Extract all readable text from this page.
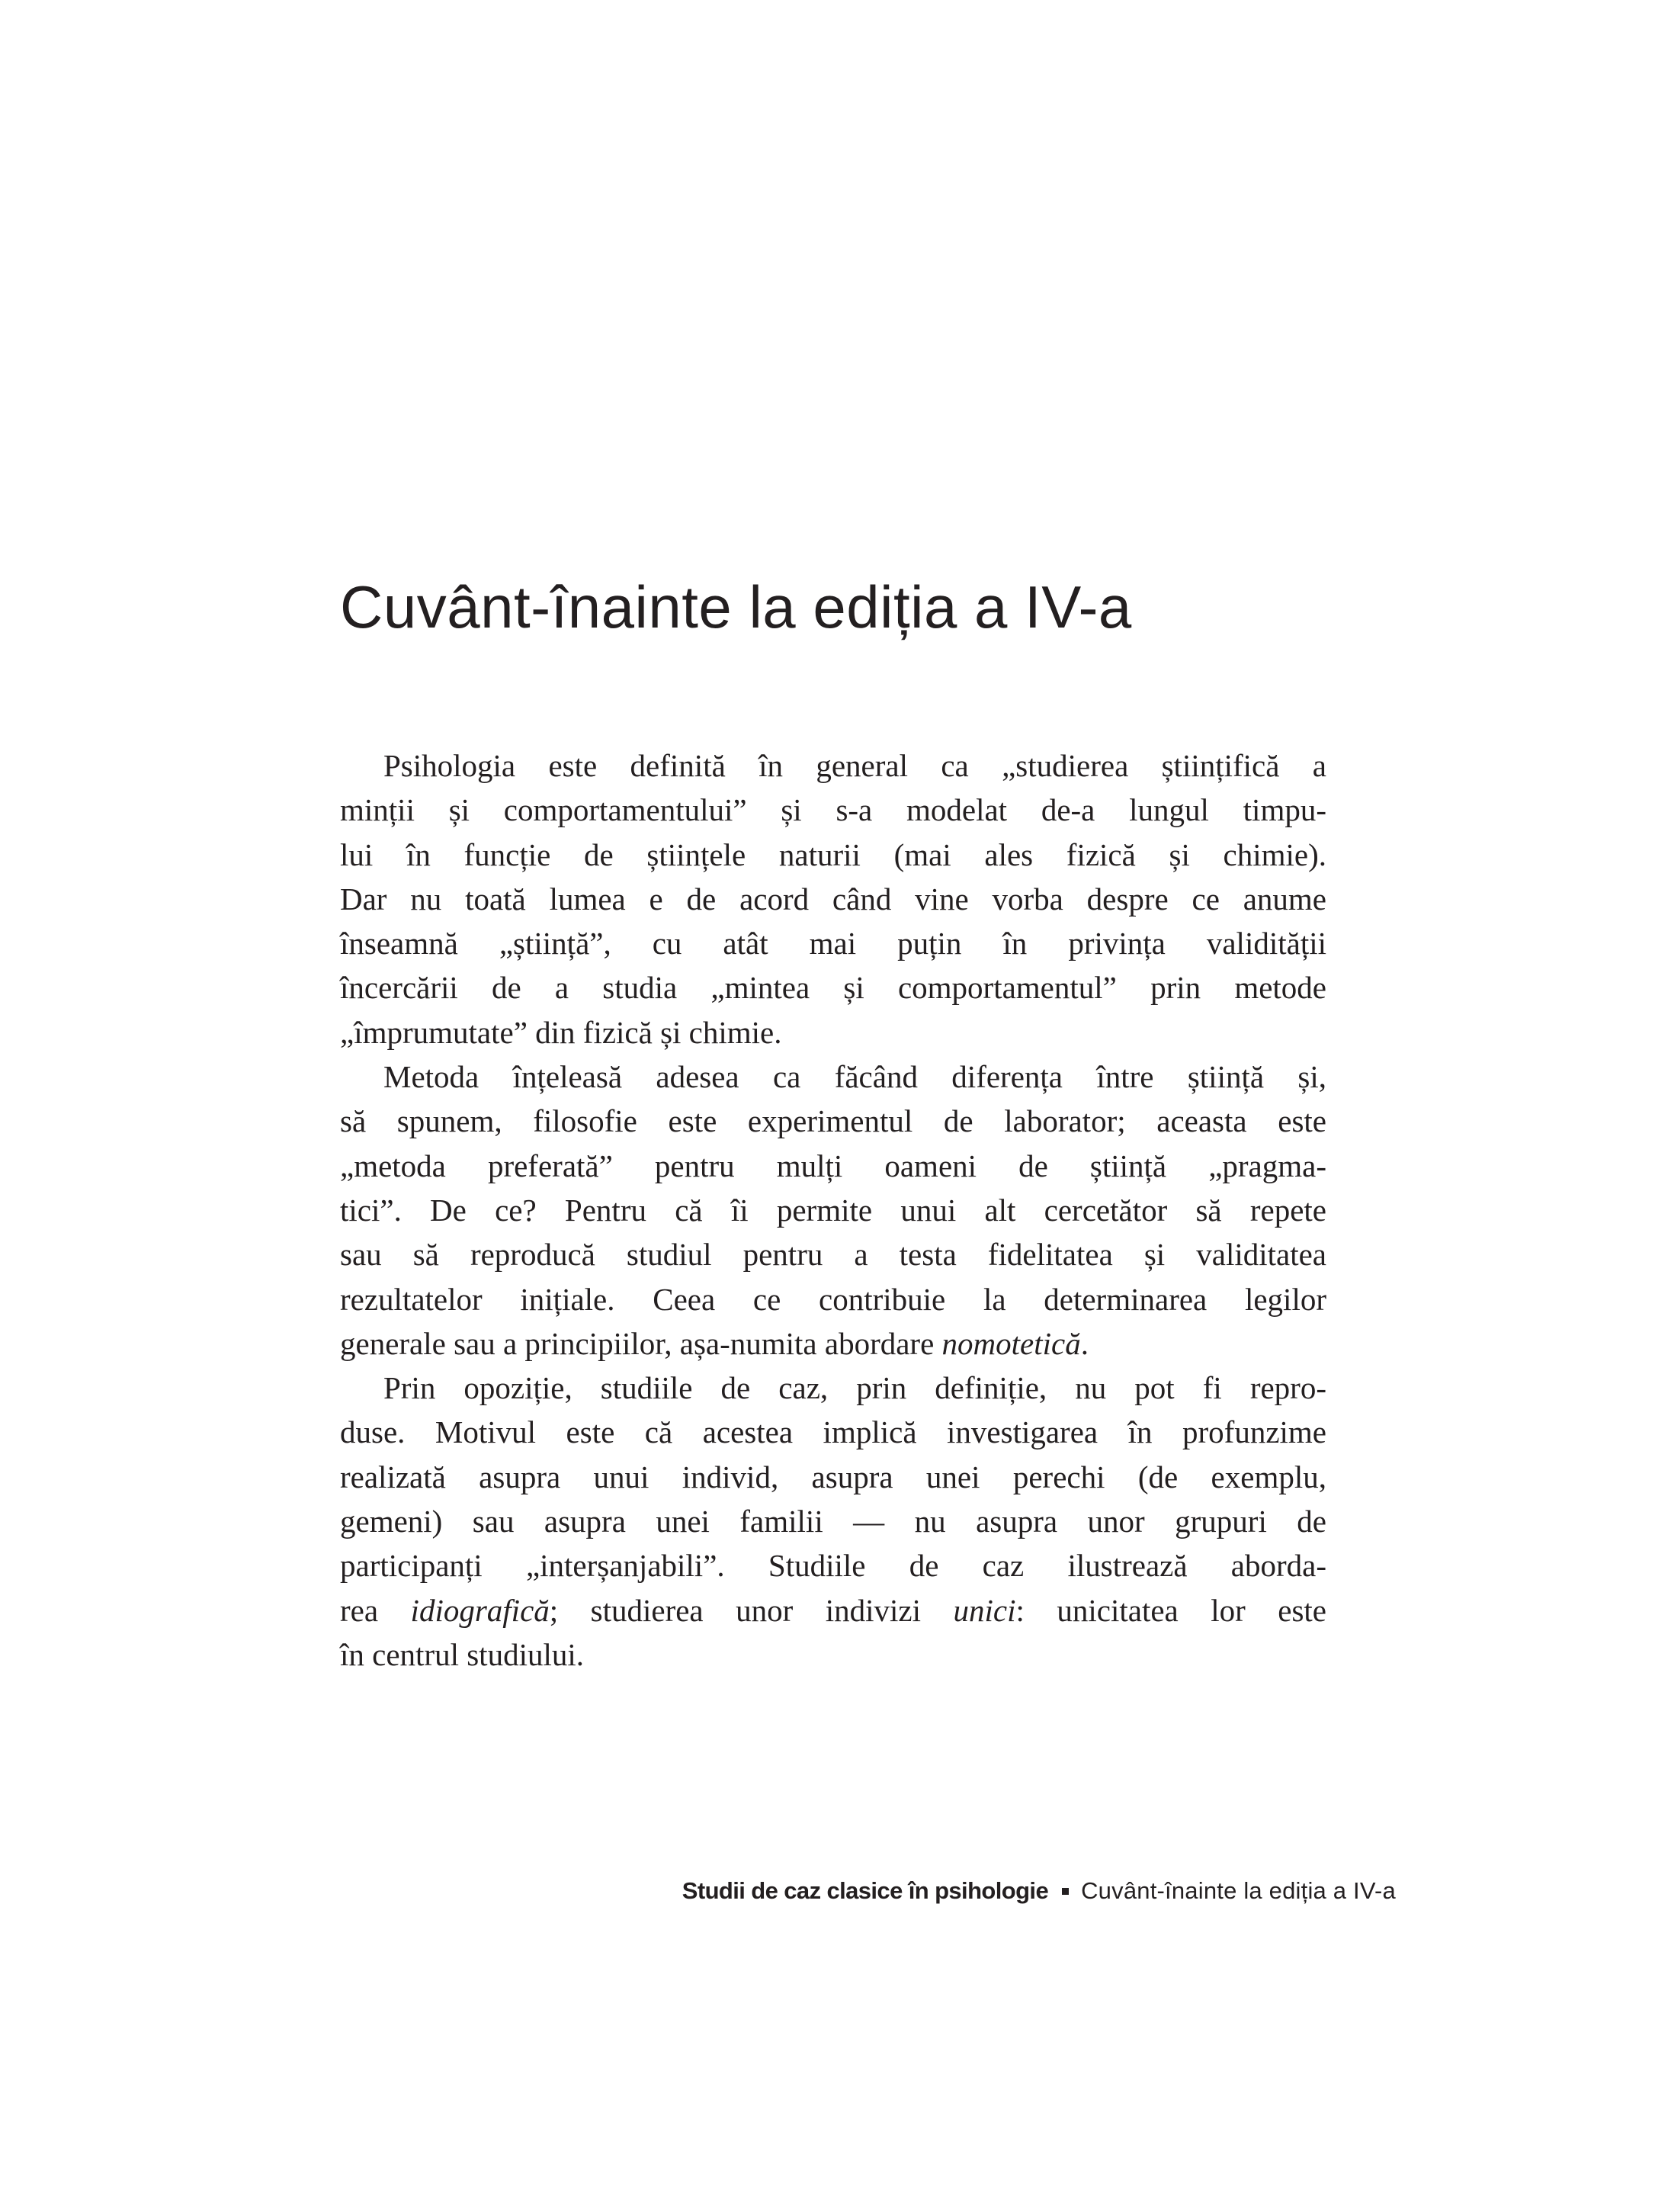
Cuvânt-înainte la ediția a IV-a
Psihologia este definită în general ca „studierea științifică a
minții și comportamentului” și s-a modelat de-a lungul timpu-
lui în funcție de științele naturii (mai ales fizică și chimie).
Dar nu toată lumea e de acord când vine vorba despre ce anume
înseamnă „știință”, cu atât mai puțin în privința validității
încercării de a studia „mintea și comportamentul” prin metode
„împrumutate” din fizică și chimie.
Metoda înțeleasă adesea ca făcând diferența între știință și,
să spunem, filosofie este experimentul de laborator; aceasta este
„metoda preferată” pentru mulți oameni de știință „pragma-
tici”. De ce? Pentru că îi permite unui alt cercetător să repete
sau să reproducă studiul pentru a testa fidelitatea și validitatea
rezultatelor inițiale. Ceea ce contribuie la determinarea legilor
generale sau a principiilor, așa-numita abordare nomotetică.
Prin opoziție, studiile de caz, prin definiție, nu pot fi repro-
duse. Motivul este că acestea implică investigarea în profunzime
realizată asupra unui individ, asupra unei perechi (de exemplu,
gemeni) sau asupra unei familii — nu asupra unor grupuri de
participanți „interșanjabili”. Studiile de caz ilustrează aborda-
rea idiografică; studierea unor indivizi unici: unicitatea lor este
în centrul studiului.
Studii de caz clasice în psihologie Cuvânt-înainte la ediția a IV-a
